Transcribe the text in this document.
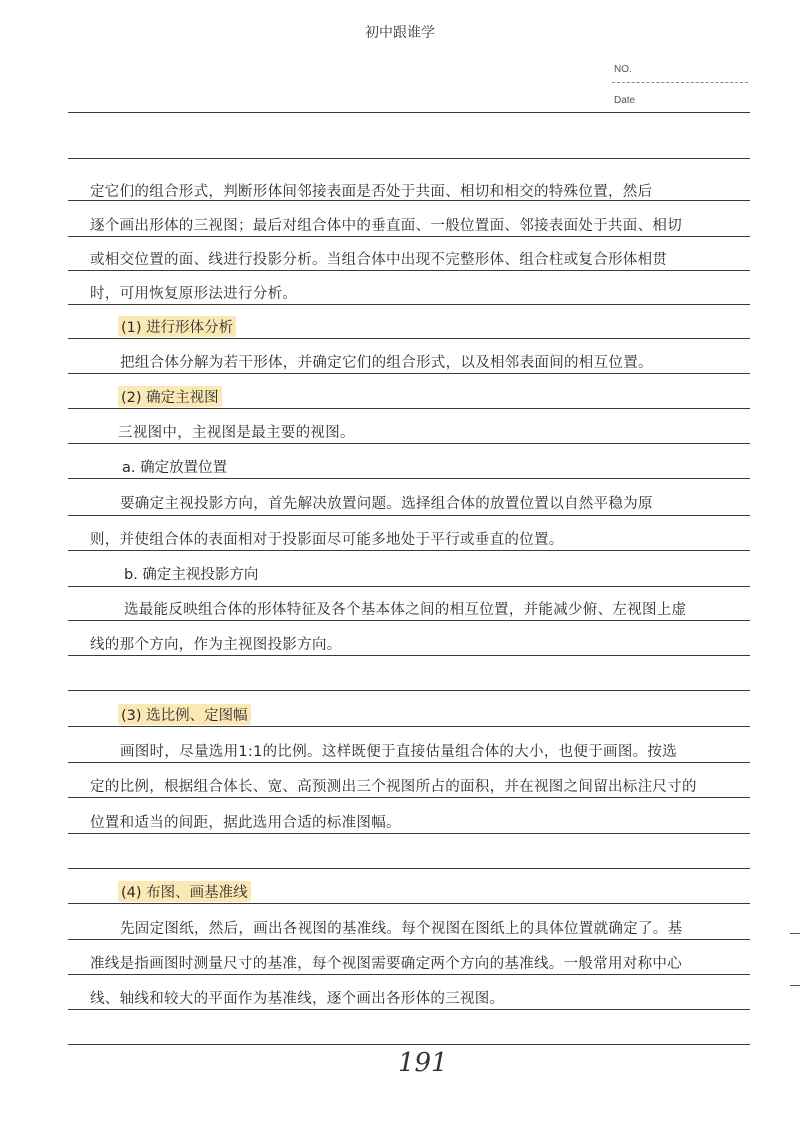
初中跟谁学
NO.
Date
定它们的组合形式，判断形体间邻接表面是否处于共面、相切和相交的特殊位置，然后
逐个画出形体的三视图；最后对组合体中的垂直面、一般位置面、邻接表面处于共面、相切
或相交位置的面、线进行投影分析。当组合体中出现不完整形体、组合柱或复合形体相贯
时，可用恢复原形法进行分析。
(1) 进行形体分析
把组合体分解为若干形体，并确定它们的组合形式，以及相邻表面间的相互位置。
(2) 确定主视图
三视图中，主视图是最主要的视图。
a. 确定放置位置
要确定主视投影方向，首先解决放置问题。选择组合体的放置位置以自然平稳为原
则，并使组合体的表面相对于投影面尽可能多地处于平行或垂直的位置。
b. 确定主视投影方向
选最能反映组合体的形体特征及各个基本体之间的相互位置，并能减少俯、左视图上虚
线的那个方向，作为主视图投影方向。
(3) 选比例、定图幅
画图时，尽量选用1:1的比例。这样既便于直接估量组合体的大小，也便于画图。按选
定的比例，根据组合体长、宽、高预测出三个视图所占的面积，并在视图之间留出标注尺寸的
位置和适当的间距，据此选用合适的标准图幅。
(4) 布图、画基准线
先固定图纸，然后，画出各视图的基准线。每个视图在图纸上的具体位置就确定了。基
准线是指画图时测量尺寸的基准，每个视图需要确定两个方向的基准线。一般常用对称中心
线、轴线和较大的平面作为基准线，逐个画出各形体的三视图。
191
